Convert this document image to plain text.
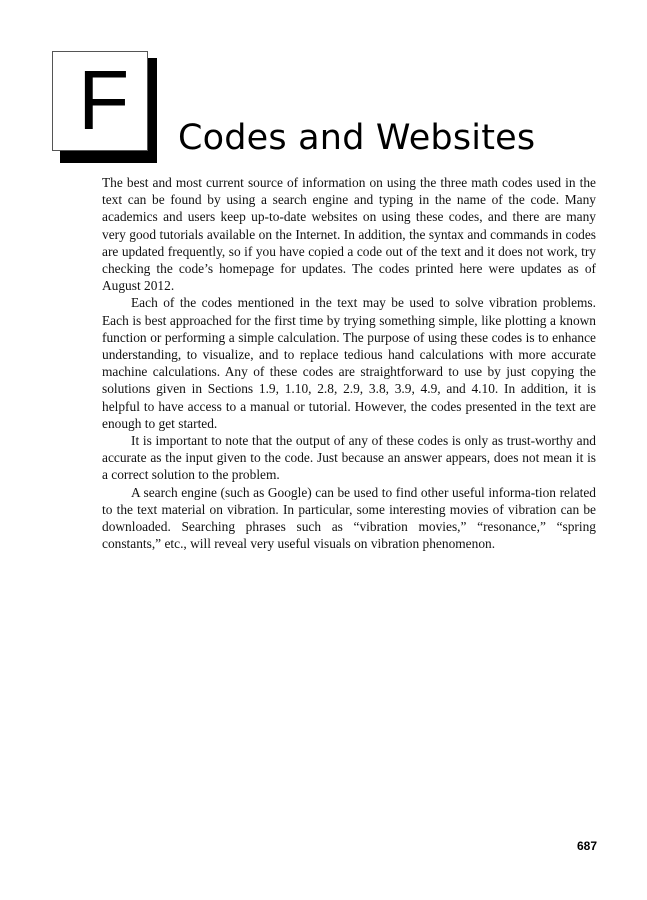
F Codes and Websites

The best and most current source of information on using the three math codes used in the text can be found by using a search engine and typing in the name of the code. Many academics and users keep up-to-date websites on using these codes, and there are many very good tutorials available on the Internet. In addition, the syntax and commands in codes are updated frequently, so if you have copied a code out of the text and it does not work, try checking the code’s homepage for updates. The codes printed here were updates as of August 2012.

Each of the codes mentioned in the text may be used to solve vibration problems. Each is best approached for the first time by trying something simple, like plotting a known function or performing a simple calculation. The purpose of using these codes is to enhance understanding, to visualize, and to replace tedious hand calculations with more accurate machine calculations. Any of these codes are straightforward to use by just copying the solutions given in Sections 1.9, 1.10, 2.8, 2.9, 3.8, 3.9, 4.9, and 4.10. In addition, it is helpful to have access to a manual or tutorial. However, the codes presented in the text are enough to get started.

It is important to note that the output of any of these codes is only as trust-worthy and accurate as the input given to the code. Just because an answer appears, does not mean it is a correct solution to the problem.

A search engine (such as Google) can be used to find other useful informa-tion related to the text material on vibration. In particular, some interesting movies of vibration can be downloaded. Searching phrases such as “vibration movies,” “resonance,” “spring constants,” etc., will reveal very useful visuals on vibration phenomenon.

687
